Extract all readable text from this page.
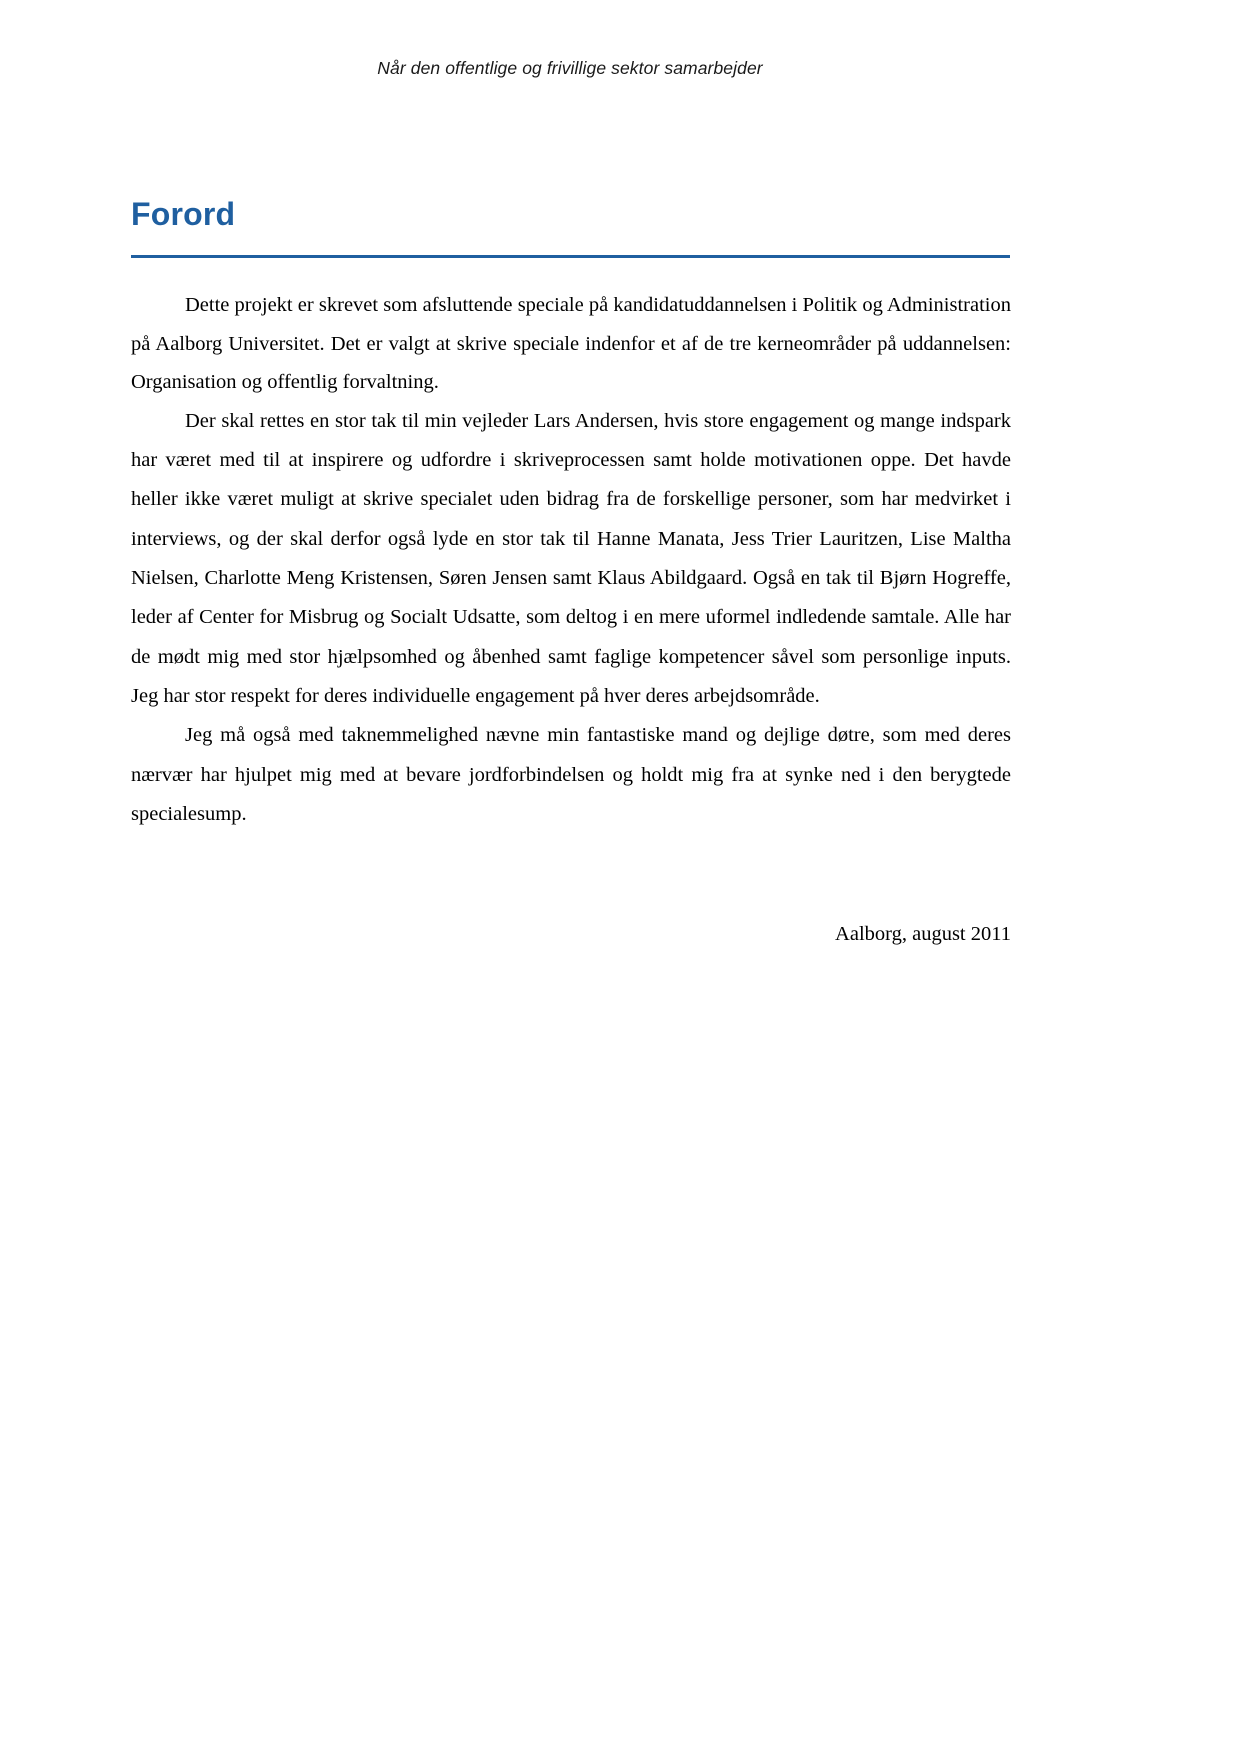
Når den offentlige og frivillige sektor samarbejder
Forord

Dette projekt er skrevet som afsluttende speciale på kandidatuddannelsen i Politik og Administration på Aalborg Universitet. Det er valgt at skrive speciale indenfor et af de tre kerneområder på uddannelsen: Organisation og offentlig forvaltning.

Der skal rettes en stor tak til min vejleder Lars Andersen, hvis store engagement og mange indspark har været med til at inspirere og udfordre i skriveprocessen samt holde motivationen oppe. Det havde heller ikke været muligt at skrive specialet uden bidrag fra de forskellige personer, som har medvirket i interviews, og der skal derfor også lyde en stor tak til Hanne Manata, Jess Trier Lauritzen, Lise Maltha Nielsen, Charlotte Meng Kristensen, Søren Jensen samt Klaus Abildgaard. Også en tak til Bjørn Hogreffe, leder af Center for Misbrug og Socialt Udsatte, som deltog i en mere uformel indledende samtale. Alle har de mødt mig med stor hjælpsomhed og åbenhed samt faglige kompetencer såvel som personlige inputs. Jeg har stor respekt for deres individuelle engagement på hver deres arbejdsområde.

Jeg må også med taknemmelighed nævne min fantastiske mand og dejlige døtre, som med deres nærvær har hjulpet mig med at bevare jordforbindelsen og holdt mig fra at synke ned i den berygtede specialesump.

Aalborg, august 2011
